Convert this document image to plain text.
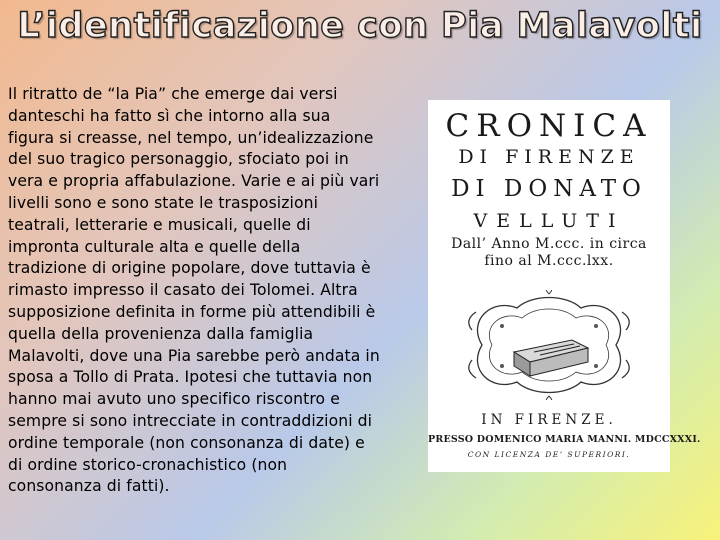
L’identificazione con Pia Malavolti
Il ritratto de “la Pia” che emerge dai versi danteschi ha fatto sì che intorno alla sua figura si creasse, nel tempo, un’idealizzazione del suo tragico personaggio, sfociato poi in vera e propria affabulazione. Varie e ai più vari livelli sono e sono state le trasposizioni teatrali, letterarie e musicali, quelle di impronta culturale alta e quelle della tradizione di origine popolare, dove tuttavia è rimasto impresso il casato dei Tolomei. Altra supposizione definita in forme più attendibili è quella della provenienza dalla famiglia Malavolti, dove una Pia sarebbe però andata in sposa a Tollo di Prata. Ipotesi che tuttavia non hanno mai avuto uno specifico riscontro e sempre si sono intrecciate in contraddizioni di ordine temporale (non consonanza di date) e di ordine storico-cronachistico (non consonanza di fatti).
CRONICA
DI FIRENZE
DI DONATO
VELLUTI
Dall’ Anno M.ccc. in circa
fino al M.ccc.lxx.
IN FIRENZE.
PRESSO DOMENICO MARIA MANNI. MDCCXXXI.
CON LICENZA DE’ SUPERIORI.
